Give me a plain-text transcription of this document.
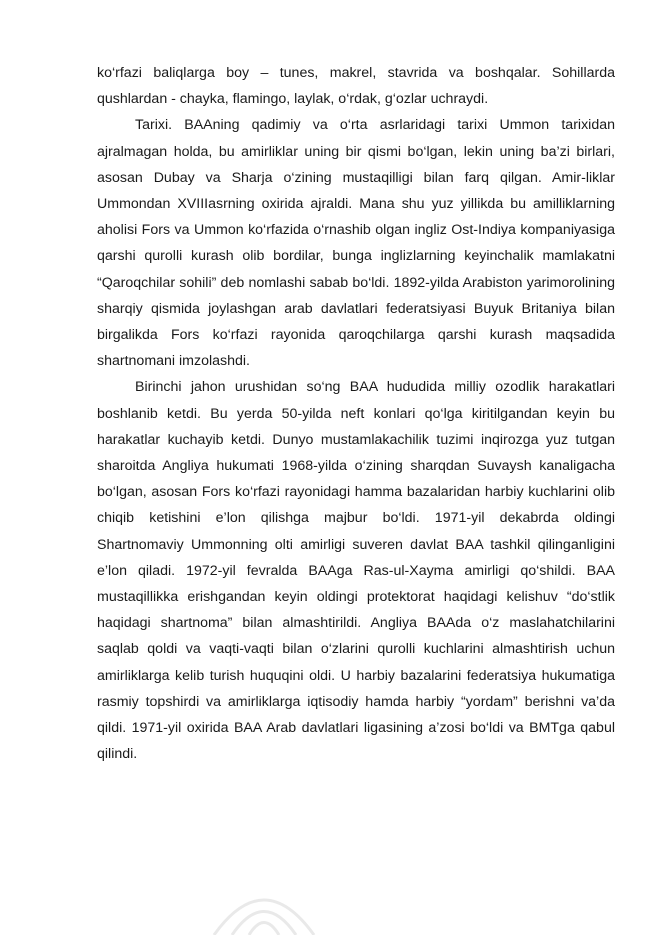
ko‘rfazi baliqlarga boy – tunes, makrel, stavrida va boshqalar. Sohillarda qushlardan - chayka, flamingo, laylak, o‘rdak, g‘ozlar uchraydi.

Tarixi. BAAning qadimiy va o‘rta asrlaridagi tarixi Ummon tarixidan ajralmagan holda, bu amirliklar uning bir qismi bo‘lgan, lekin uning ba’zi birlari, asosan Dubay va Sharja o‘zining mustaqilligi bilan farq qilgan. Amir-liklar Ummondan XVIIIasrning oxirida ajraldi. Mana shu yuz yillikda bu amilliklarning aholisi Fors va Ummon ko‘rfazida o‘rnashib olgan ingliz Ost-Indiya kompaniyasiga qarshi qurolli kurash olib bordilar, bunga inglizlarning keyinchalik mamlakatni “Qaroqchilar sohili” deb nomlashi sabab bo‘ldi. 1892-yilda Arabiston yarimorolining sharqiy qismida joylashgan arab davlatlari federatsiyasi Buyuk Britaniya bilan birgalikda Fors ko‘rfazi rayonida qaroqchilarga qarshi kurash maqsadida shartnomani imzolashdi.

Birinchi jahon urushidan so‘ng BAA hududida milliy ozodlik harakatlari boshlanib ketdi. Bu yerda 50-yilda neft konlari qo‘lga kiritilgandan keyin bu harakatlar kuchayib ketdi. Dunyo mustamlakachilik tuzimi inqirozga yuz tutgan sharoitda Angliya hukumati 1968-yilda o‘zining sharqdan Suvaysh kanaligacha bo‘lgan, asosan Fors ko‘rfazi rayonidagi hamma bazalaridan harbiy kuchlarini olib chiqib ketishini e’lon qilishga majbur bo‘ldi. 1971-yil dekabrda oldingi Shartnomaviy Ummonning olti amirligi suveren davlat BAA tashkil qilinganligini e’lon qiladi. 1972-yil fevralda BAAga Ras-ul-Xayma amirligi qo‘shildi. BAA mustaqillikka erishgandan keyin oldingi protektorat haqidagi kelishuv “do‘stlik haqidagi shartnoma” bilan almashtirildi. Angliya BAAda o‘z maslahatchilarini saqlab qoldi va vaqti-vaqti bilan o‘zlarini qurolli kuchlarini almashtirish uchun amirliklarga kelib turish huquqini oldi. U harbiy bazalarini federatsiya hukumatiga rasmiy topshirdi va amirliklarga iqtisodiy hamda harbiy “yordam” berishni va’da qildi. 1971-yil oxirida BAA Arab davlatlari ligasining a’zosi bo‘ldi va BMTga qabul qilindi.
